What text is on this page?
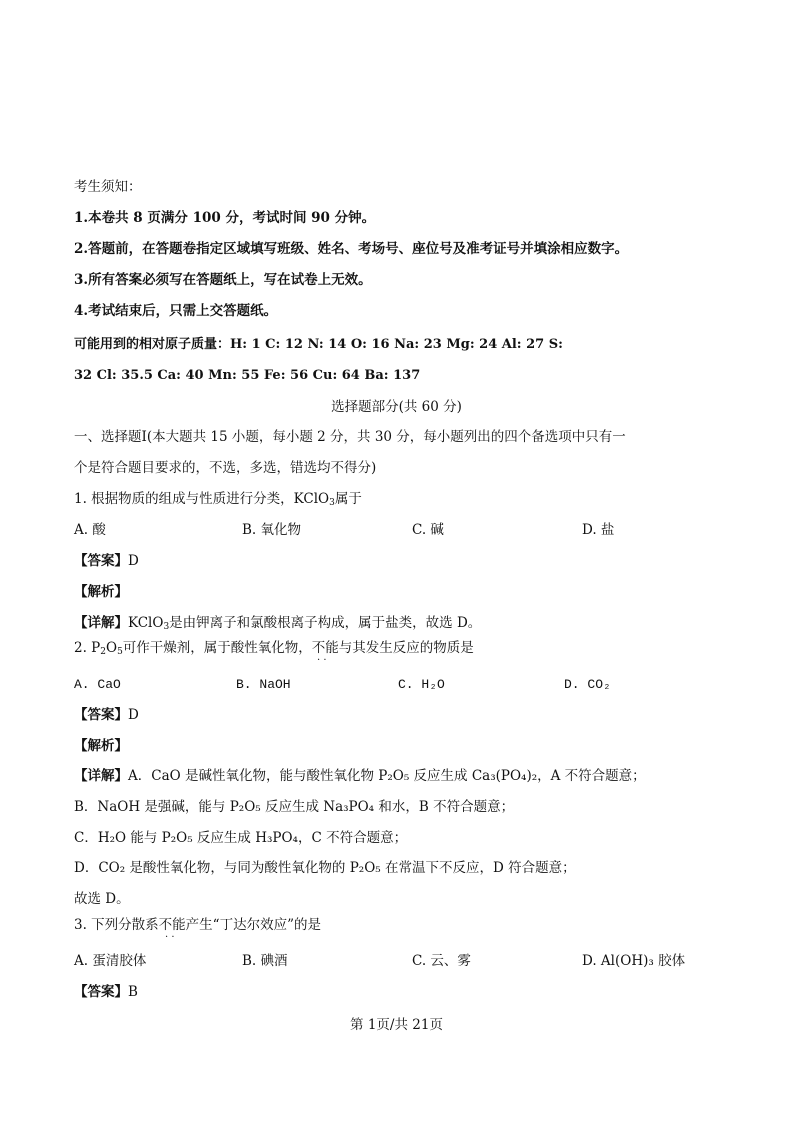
考生须知：
1.本卷共 8 页满分 100 分，考试时间 90 分钟。
2.答题前，在答题卷指定区域填写班级、姓名、考场号、座位号及准考证号并填涂相应数字。
3.所有答案必须写在答题纸上，写在试卷上无效。
4.考试结束后，只需上交答题纸。
可能用到的相对原子质量：H: 1 C: 12 N: 14 O: 16 Na: 23 Mg: 24 Al: 27 S:
32 Cl: 35.5 Ca: 40 Mn: 55 Fe: 56 Cu: 64 Ba: 137
选择题部分(共 60 分)
一、选择题Ⅰ(本大题共 15 小题，每小题 2 分，共 30 分，每小题列出的四个备选项中只有一
个是符合题目要求的，不选，多选，错选均不得分)
1. 根据物质的组成与性质进行分类，KClO$_3$属于
A. 酸	B. 氧化物	C. 碱	D. 盐
【答案】D
【解析】
【详解】KClO$_3$是由钾离子和氯酸根离子构成，属于盐类，故选 D。
2. $P_2O_5$可作干燥剂，属于酸性氧化物，不能与其发生反应的物质是
· ·
A. CaO	B. NaOH	C. H₂O	D. CO₂
【答案】D
【解析】
【详解】A．CaO 是碱性氧化物，能与酸性氧化物 P₂O₅ 反应生成 Ca₃(PO₄)₂，A 不符合题意；
B．NaOH 是强碱，能与 P₂O₅ 反应生成 Na₃PO₄ 和水，B 不符合题意；
C．H₂O 能与 P₂O₅ 反应生成 H₃PO₄，C 不符合题意；
D．CO₂ 是酸性氧化物，与同为酸性氧化物的 P₂O₅ 在常温下不反应，D 符合题意；
故选 D。
3. 下列分散系不能产生“丁达尔效应”的是
· ·
A. 蛋清胶体	B. 碘酒	C. 云、雾	D. Al(OH)₃ 胶体
【答案】B
第 1页/共 21页
